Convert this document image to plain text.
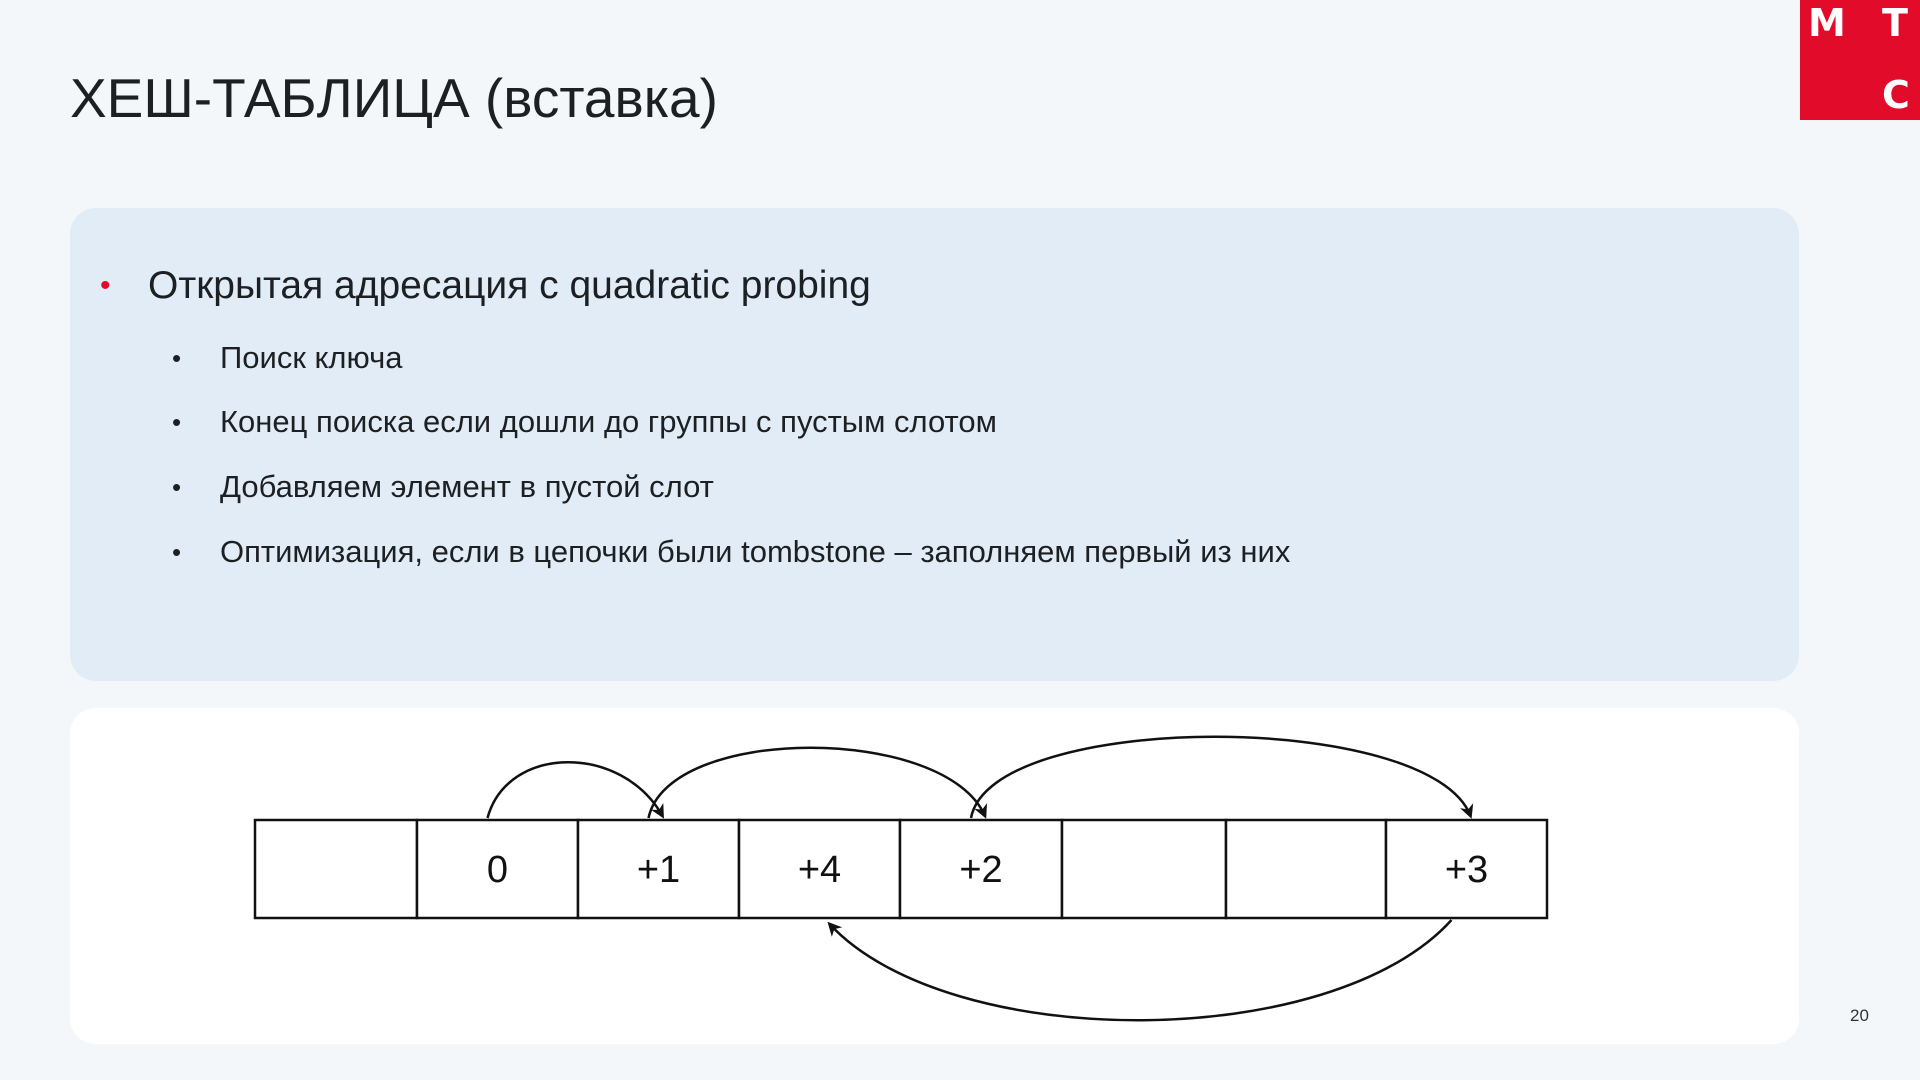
ХЕШ-ТАБЛИЦА (вставка)
М Т
С
• Открытая адресация с quadratic probing
•	Поиск ключа
•	Конец поиска если дошли до группы с пустым слотом
•	Добавляем элемент в пустой слот
•	Оптимизация, если в цепочки были tombstone – заполняем первый из них
0	+1	+4	+2	+3
20
